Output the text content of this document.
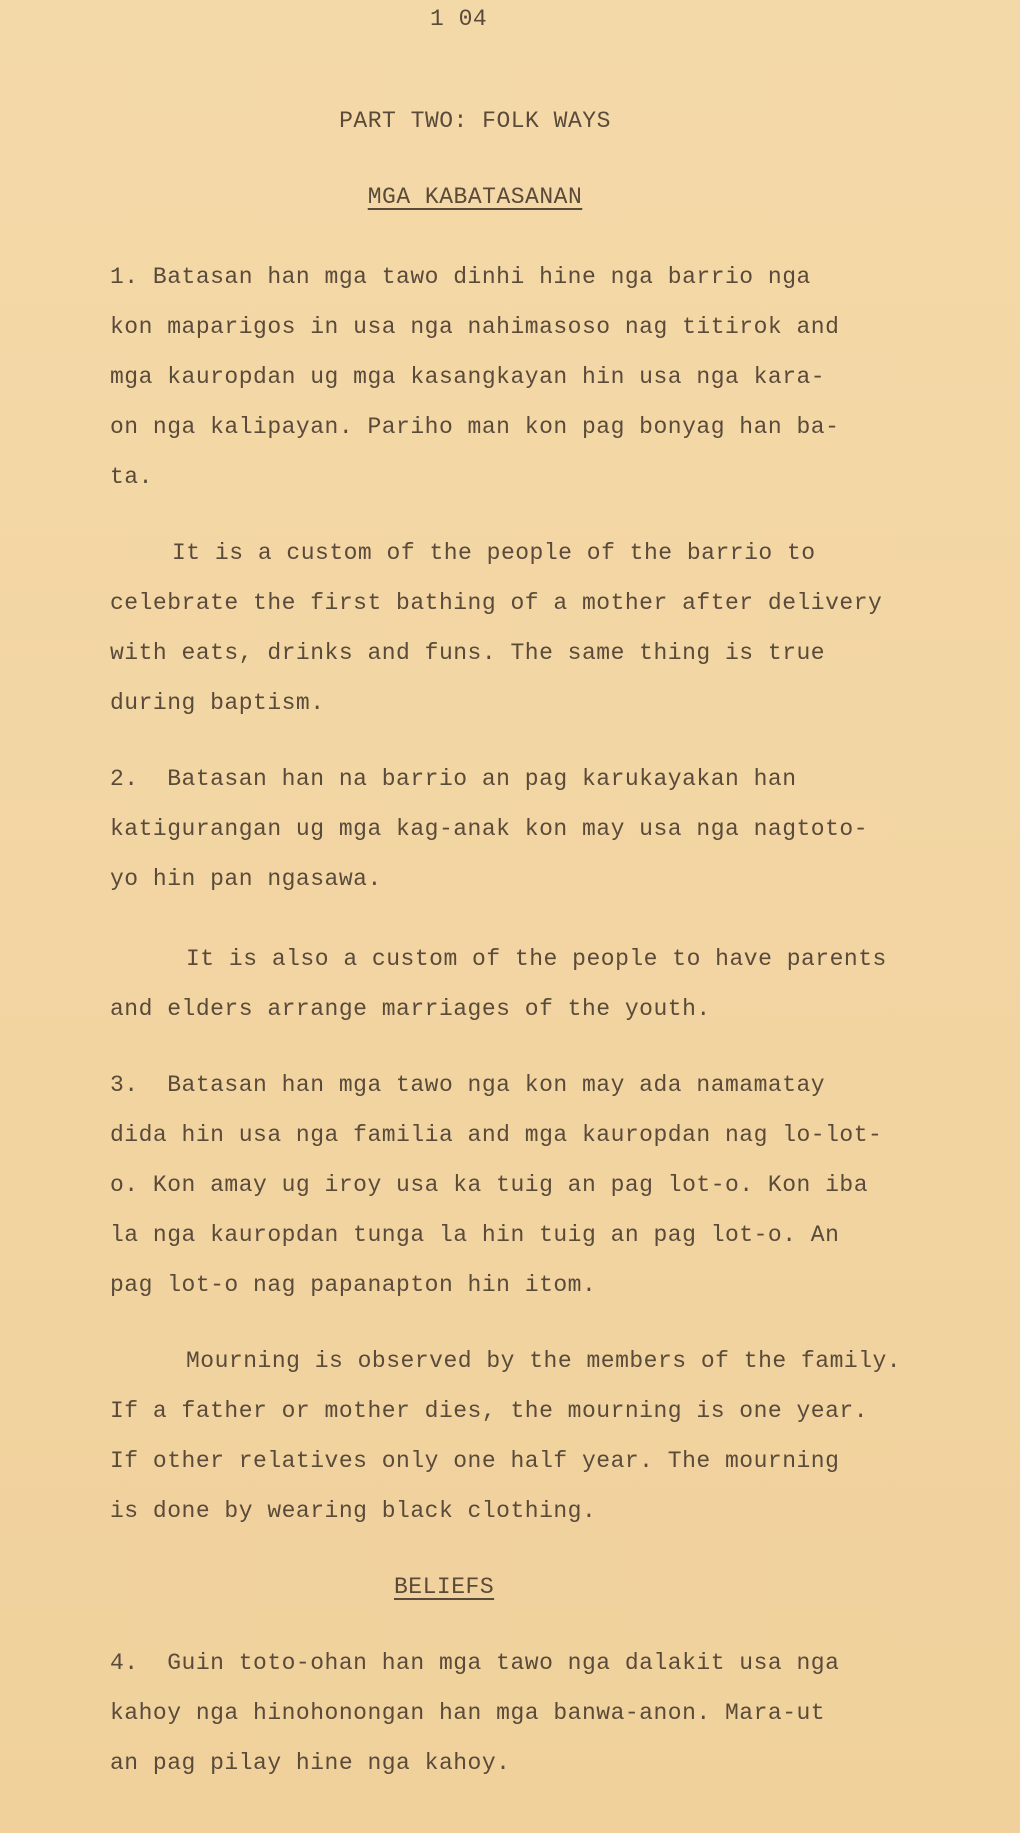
1 04
PART TWO: FOLK WAYS
MGA KABATASANAN
1. Batasan han mga tawo dinhi hine nga barrio nga
kon maparigos in usa nga nahimasoso nag titirok and
mga kauropdan ug mga kasangkayan hin usa nga kara-
on nga kalipayan. Pariho man kon pag bonyag han ba-
ta.
It is a custom of the people of the barrio to
celebrate the first bathing of a mother after delivery
with eats, drinks and funs. The same thing is true
during baptism.
2.  Batasan han na barrio an pag karukayakan han
katigurangan ug mga kag-anak kon may usa nga nagtoto-
yo hin pan ngasawa.
It is also a custom of the people to have parents
and elders arrange marriages of the youth.
3.  Batasan han mga tawo nga kon may ada namamatay
dida hin usa nga familia and mga kauropdan nag lo-lot-
o. Kon amay ug iroy usa ka tuig an pag lot-o. Kon iba
la nga kauropdan tunga la hin tuig an pag lot-o. An
pag lot-o nag papanapton hin itom.
Mourning is observed by the members of the family.
If a father or mother dies, the mourning is one year.
If other relatives only one half year. The mourning
is done by wearing black clothing.
BELIEFS
4.  Guin toto-ohan han mga tawo nga dalakit usa nga
kahoy nga hinohonongan han mga banwa-anon. Mara-ut
an pag pilay hine nga kahoy.
